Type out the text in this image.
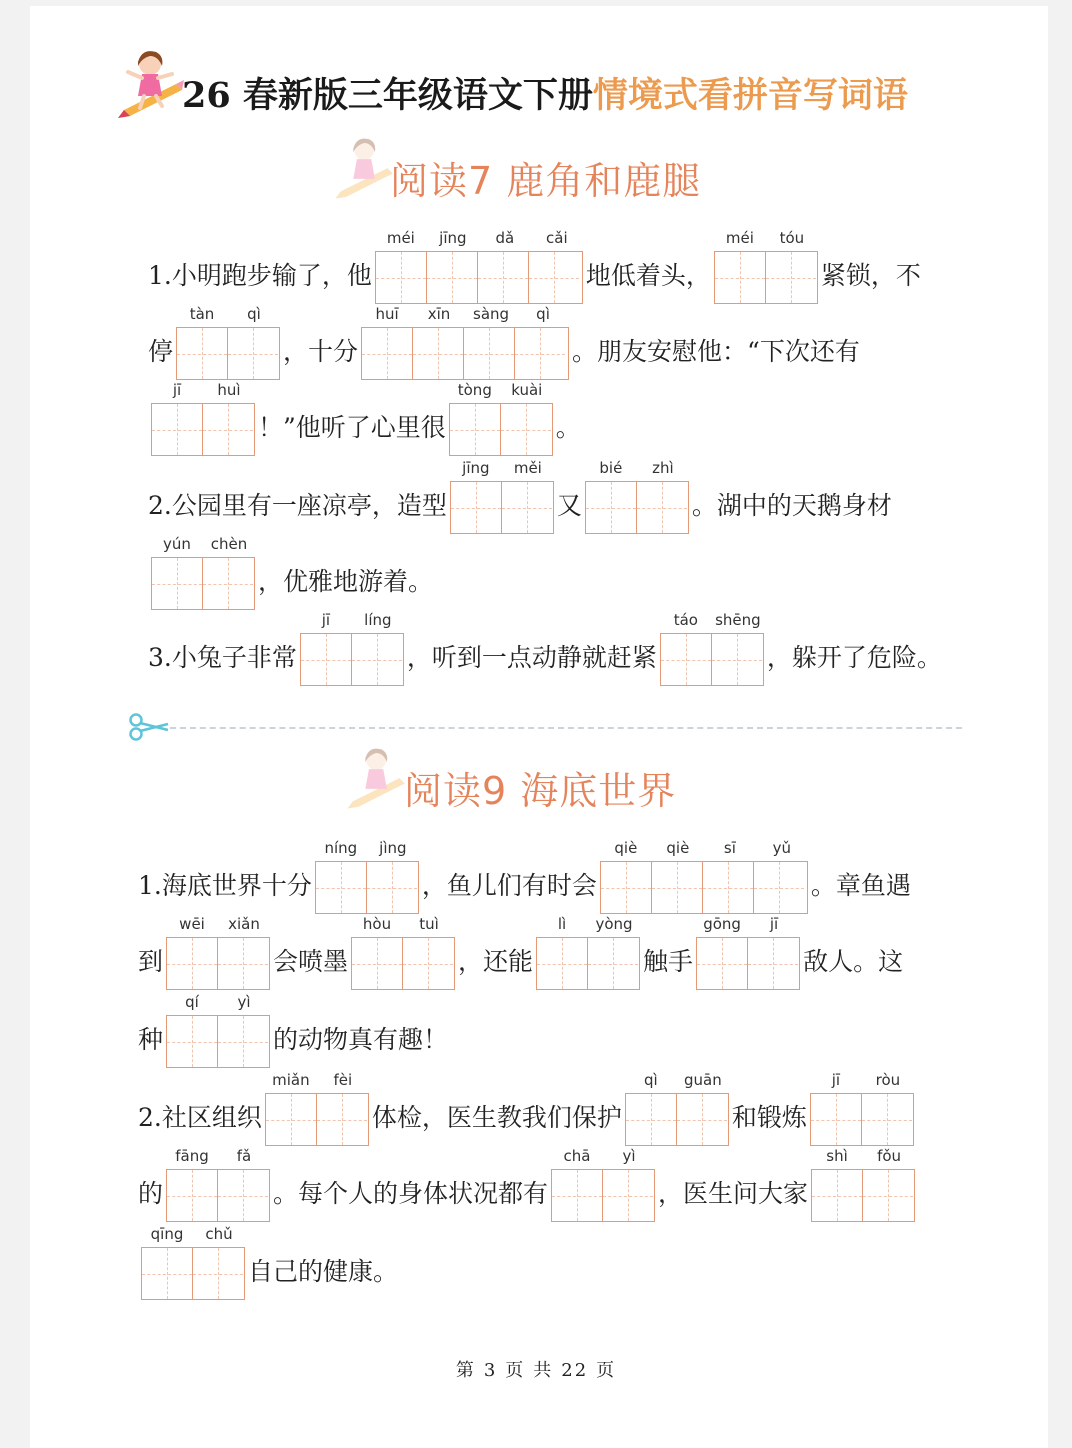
26 春新版三年级语文下册情境式看拼音写词语
阅读7 鹿角和鹿腿
1.小明跑步输了，他
méi	jīng	dǎ	cǎi
地低着头，
méi	tóu
紧锁，不
停
tàn	qì
，十分
huī	xīn	sàng	qì
。朋友安慰他：“下次还有
jī	huì
！”他听了心里很
tòng	kuài
。
2.公园里有一座凉亭，造型
jīng	měi
又
bié	zhì
。湖中的天鹅身材
yún	chèn
，优雅地游着。
3.小兔子非常
jī	líng
，听到一点动静就赶紧
táo	shēng
，躲开了危险。
阅读9 海底世界
1.海底世界十分
níng	jìng
，鱼儿们有时会
qiè	qiè	sī	yǔ
。章鱼遇
到
wēi	xiǎn
会喷墨
hòu	tuì
，还能
lì	yòng
触手
gōng	jī
敌人。这
种
qí	yì
的动物真有趣！
2.社区组织
miǎn	fèi
体检，医生教我们保护
qì	guān
和锻炼
jī	ròu
的
fāng	fǎ
。每个人的身体状况都有
chā	yì
，医生问大家
shì	fǒu
qīng	chǔ
自己的健康。
第 3 页 共 22 页
